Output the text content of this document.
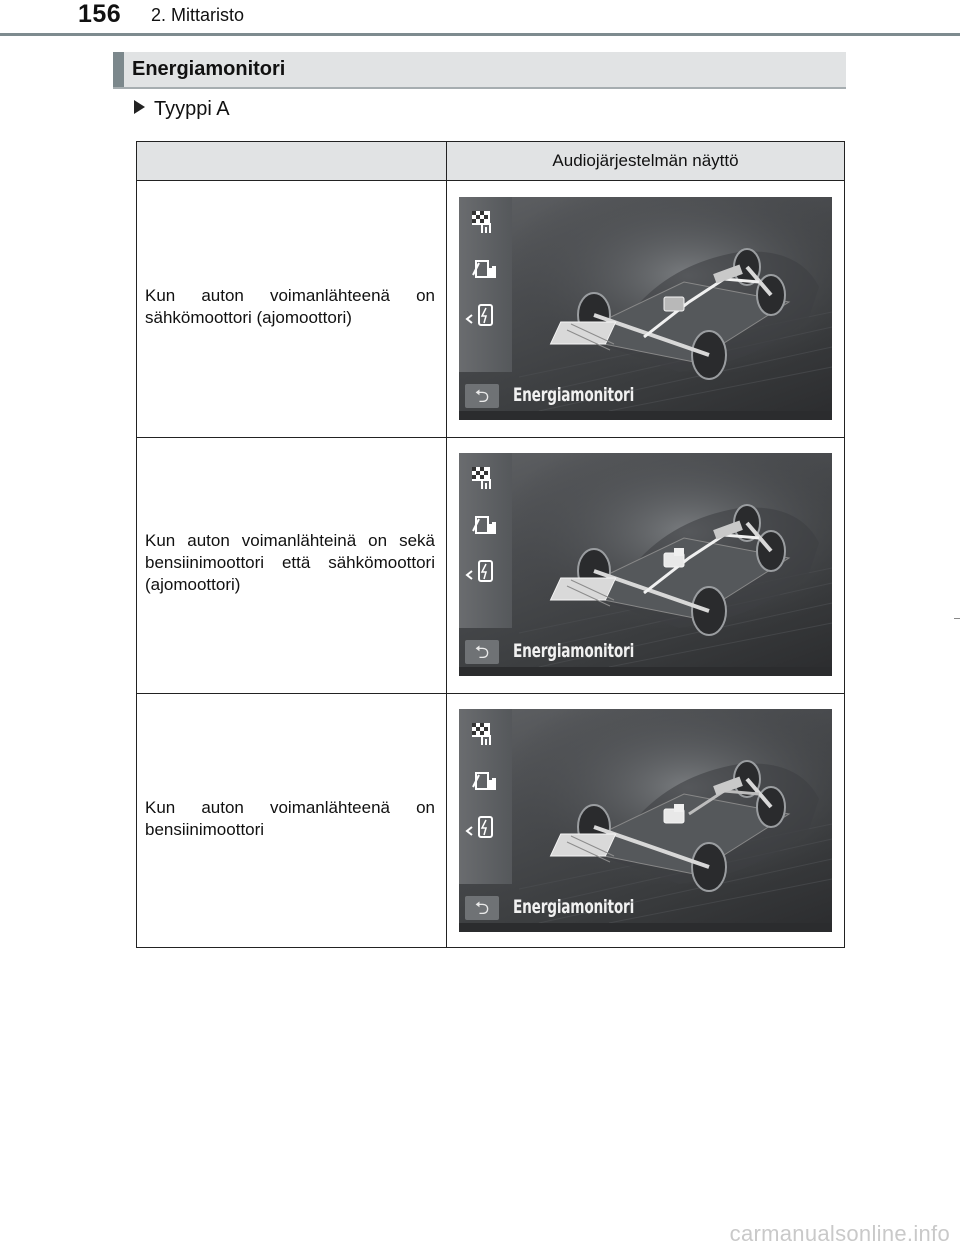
156 2. Mittaristo
Energiamonitori
Tyyppi A
Audiojärjestelmän näyttö
Kun auton voimanlähteenä on sähkömoottori (ajomoottori)
⮌	Energiamonitori
Kun auton voimanlähteinä on sekä bensiinimoottori että sähkömoottori (ajomoottori)
⮌	Energiamonitori
Kun auton voimanlähteenä on bensiinimoottori
⮌	Energiamonitori
carmanualsonline.info
